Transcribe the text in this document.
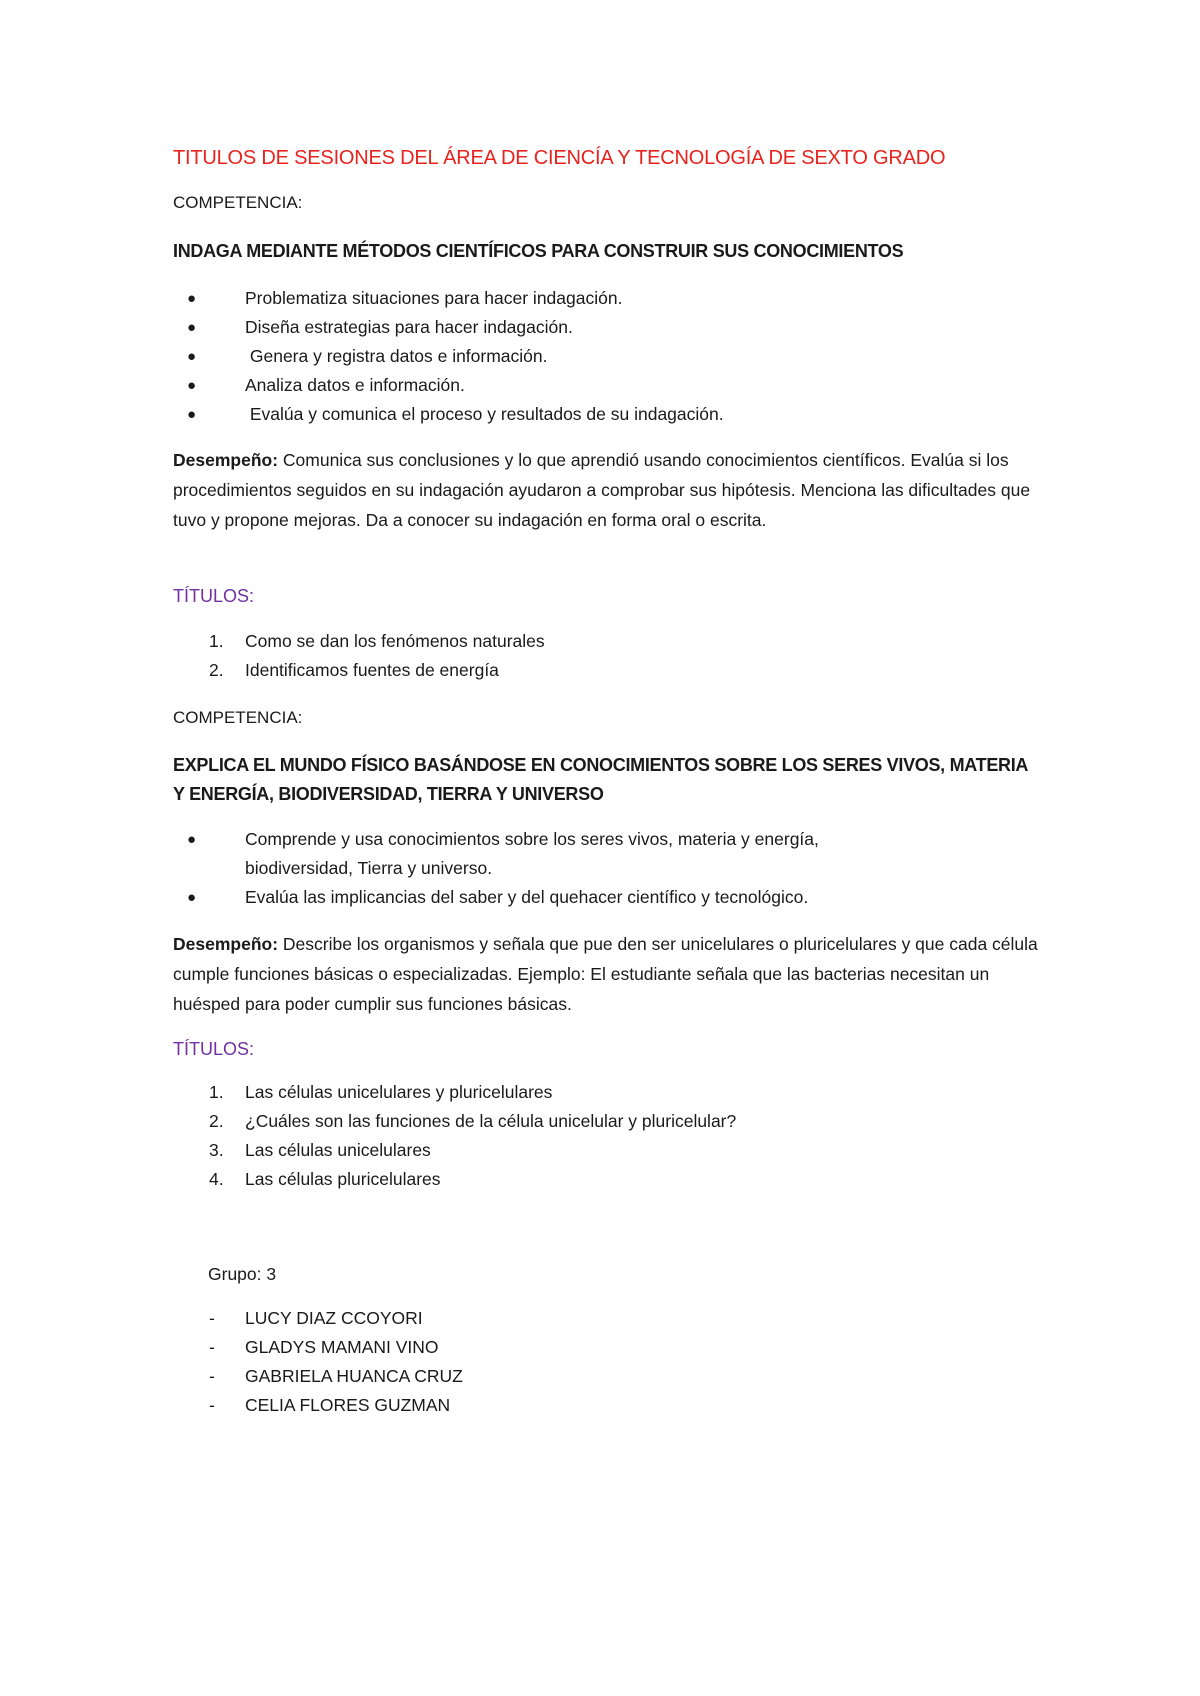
TITULOS DE SESIONES DEL ÁREA DE CIENCÍA Y TECNOLOGÍA DE SEXTO GRADO

COMPETENCIA:

INDAGA MEDIANTE MÉTODOS CIENTÍFICOS PARA CONSTRUIR SUS CONOCIMIENTOS
●	Problematiza situaciones para hacer indagación.
●	Diseña estrategias para hacer indagación.
●	Genera y registra datos e información.
●	Analiza datos e información.
●	Evalúa y comunica el proceso y resultados de su indagación.

Desempeño: Comunica sus conclusiones y lo que aprendió usando conocimientos científicos. Evalúa si los procedimientos seguidos en su indagación ayudaron a comprobar sus hipótesis. Menciona las dificultades que tuvo y propone mejoras. Da a conocer su indagación en forma oral o escrita.

TÍTULOS:

1. Como se dan los fenómenos naturales
2. Identificamos fuentes de energía

COMPETENCIA:

EXPLICA EL MUNDO FÍSICO BASÁNDOSE EN CONOCIMIENTOS SOBRE LOS SERES VIVOS, MATERIA Y ENERGÍA, BIODIVERSIDAD, TIERRA Y UNIVERSO
●	Comprende y usa conocimientos sobre los seres vivos, materia y energía, biodiversidad, Tierra y universo.
●	Evalúa las implicancias del saber y del quehacer científico y tecnológico.

Desempeño: Describe los organismos y señala que pue den ser unicelulares o pluricelulares y que cada célula cumple funciones básicas o especializadas. Ejemplo: El estudiante señala que las bacterias necesitan un huésped para poder cumplir sus funciones básicas.

TÍTULOS:

1. Las células unicelulares y pluricelulares
2. ¿Cuáles son las funciones de la célula unicelular y pluricelular?
3. Las células unicelulares
4. Las células pluricelulares

Grupo: 3

- LUCY DIAZ CCOYORI
- GLADYS MAMANI VINO
- GABRIELA HUANCA CRUZ
- CELIA FLORES GUZMAN
